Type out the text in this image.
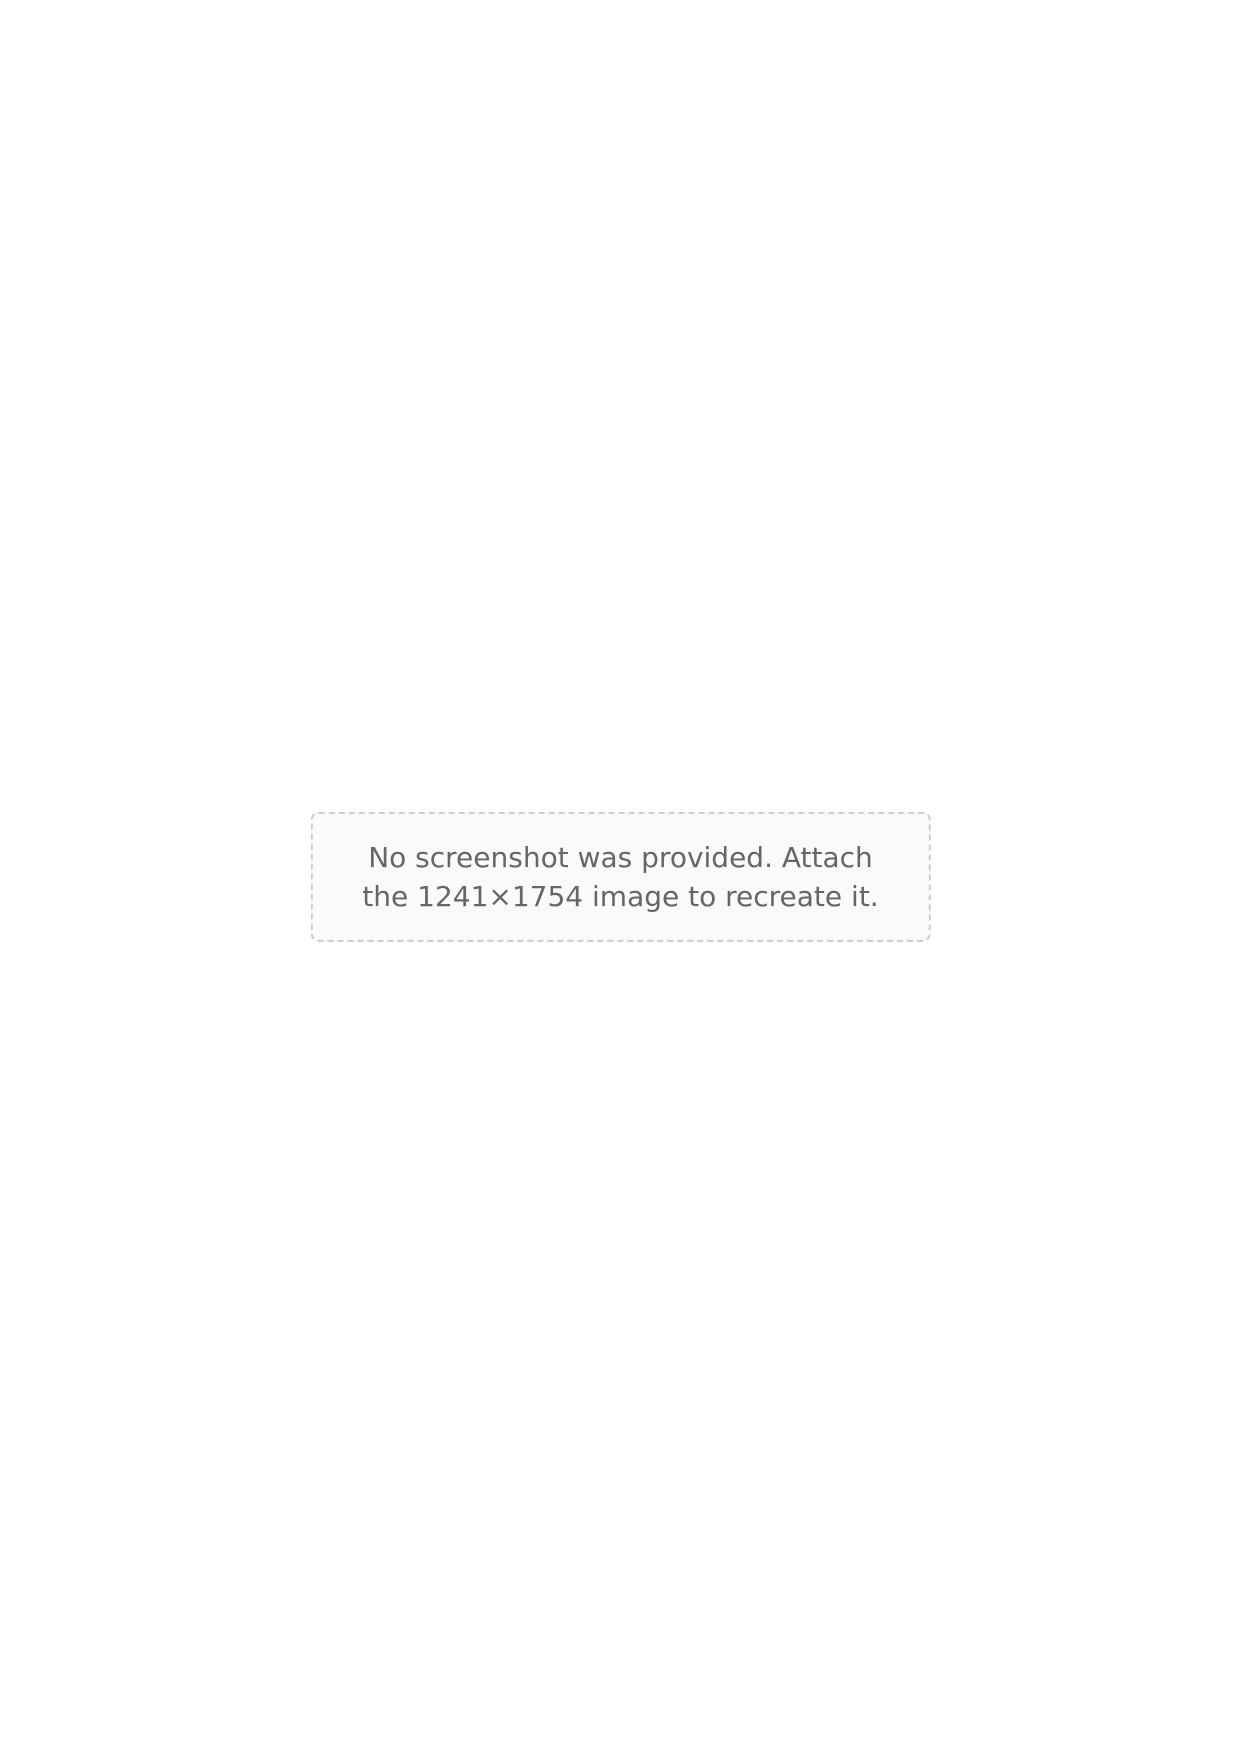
No screenshot was provided. Attach the 1241×1754 image to recreate it.
